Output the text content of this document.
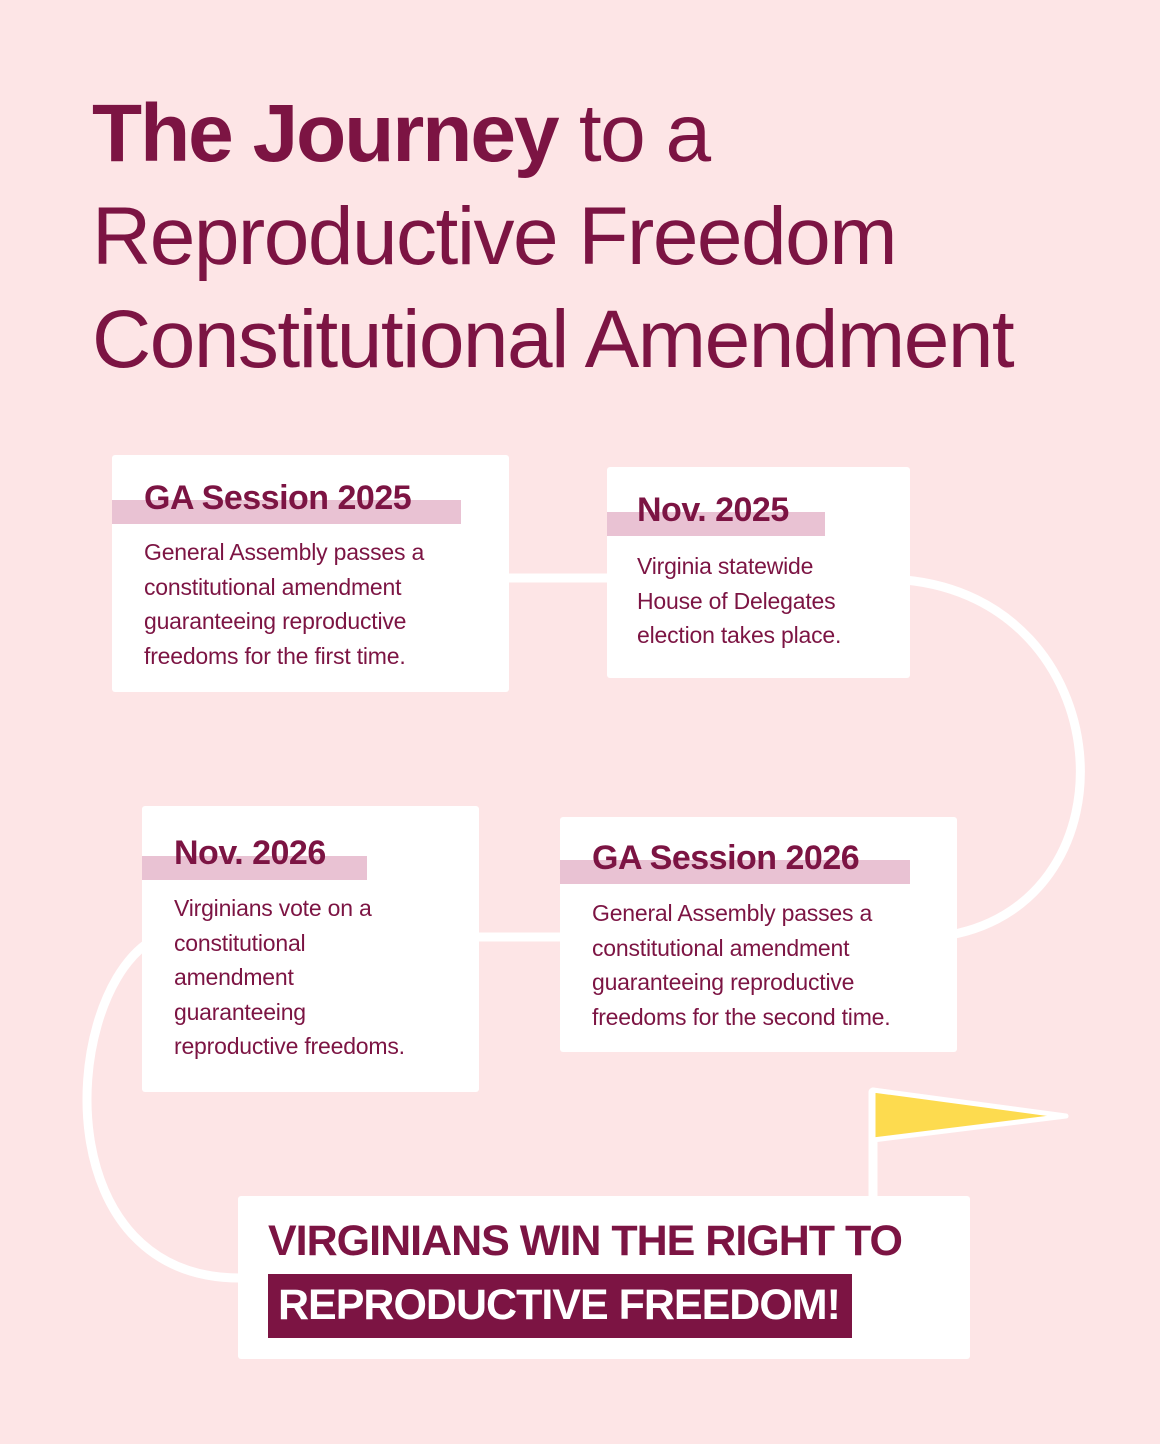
The Journey to a
Reproductive Freedom
Constitutional Amendment
GA Session 2025

General Assembly passes a
constitutional amendment
guaranteeing reproductive
freedoms for the first time.

Nov. 2025

Virginia statewide
House of Delegates
election takes place.

GA Session 2026

General Assembly passes a
constitutional amendment
guaranteeing reproductive
freedoms for the second time.

Nov. 2026

Virginians vote on a
constitutional
amendment
guaranteeing
reproductive freedoms.

VIRGINIANS WIN THE RIGHT TO
REPRODUCTIVE FREEDOM!
